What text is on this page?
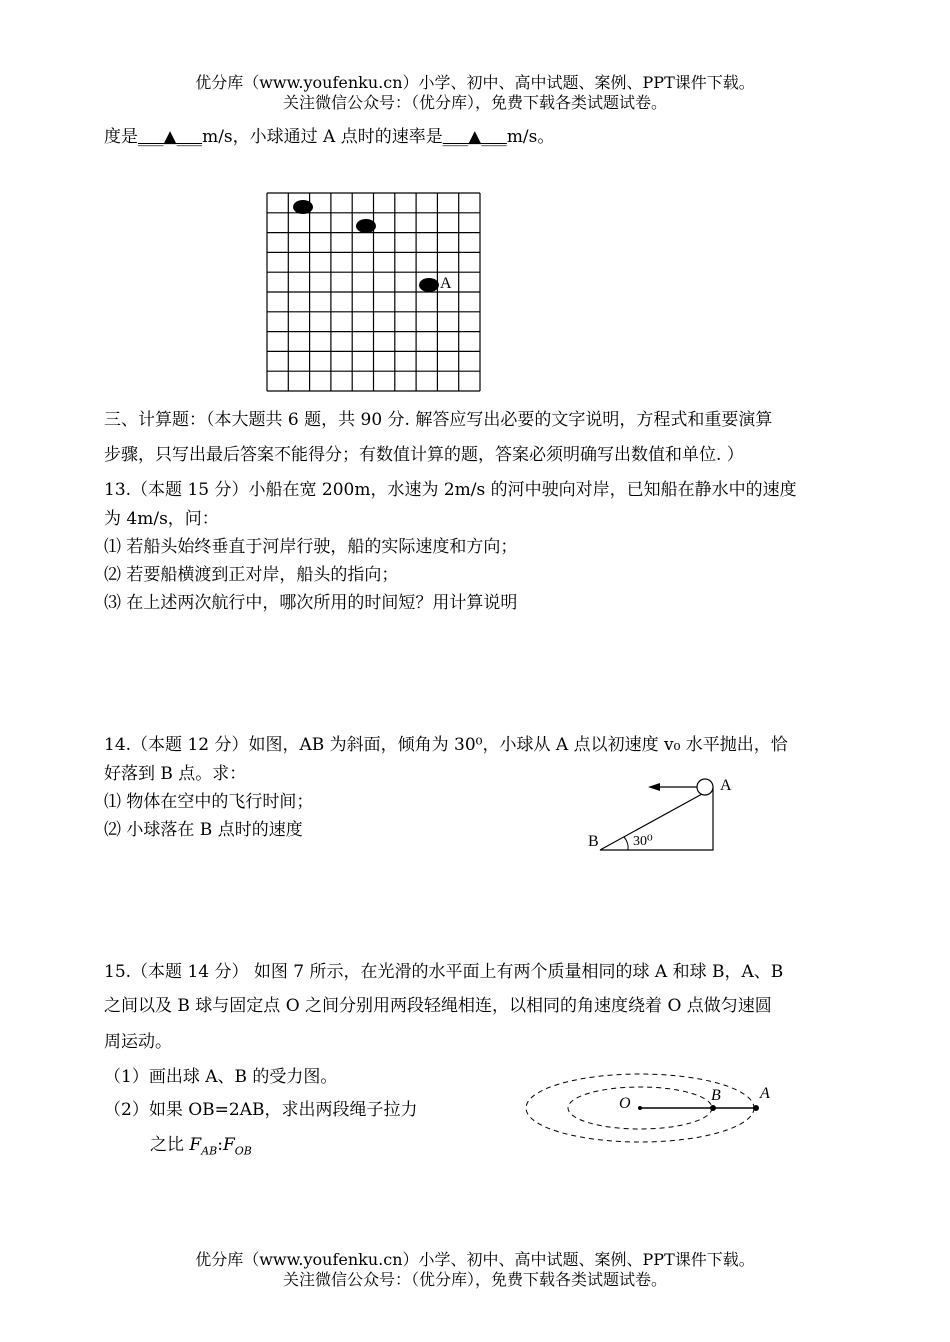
优分库（www.youfenku.cn）小学、初中、高中试题、案例、PPT课件下载。
关注微信公众号：（优分库），免费下载各类试题试卷。
度是___▲___m/s，小球通过 A 点时的速率是___▲___m/s。
A
三、计算题：（本大题共 6 题，共 90 分. 解答应写出必要的文字说明，方程式和重要演算
步骤，只写出最后答案不能得分；有数值计算的题，答案必须明确写出数值和单位. ）
13.（本题 15 分）小船在宽 200m，水速为 2m/s 的河中驶向对岸，已知船在静水中的速度
为 4m/s，问：
⑴ 若船头始终垂直于河岸行驶，船的实际速度和方向；
⑵ 若要船横渡到正对岸，船头的指向；
⑶ 在上述两次航行中，哪次所用的时间短？用计算说明
14.（本题 12 分）如图，AB 为斜面，倾角为 30⁰，小球从 A 点以初速度 v₀ 水平抛出，恰
好落到 B 点。求：
⑴ 物体在空中的飞行时间；
⑵ 小球落在 B 点时的速度
A
B 30⁰
15.（本题 14 分） 如图 7 所示，在光滑的水平面上有两个质量相同的球 A 和球 B，A、B
之间以及 B 球与固定点 O 之间分别用两段轻绳相连，以相同的角速度绕着 O 点做匀速圆
周运动。
（1）画出球 A、B 的受力图。
（2）如果 OB=2AB，求出两段绳子拉力
之比 $F_{AB}:F_{OB}$
O	B A
优分库（www.youfenku.cn）小学、初中、高中试题、案例、PPT课件下载。
关注微信公众号：（优分库），免费下载各类试题试卷。
